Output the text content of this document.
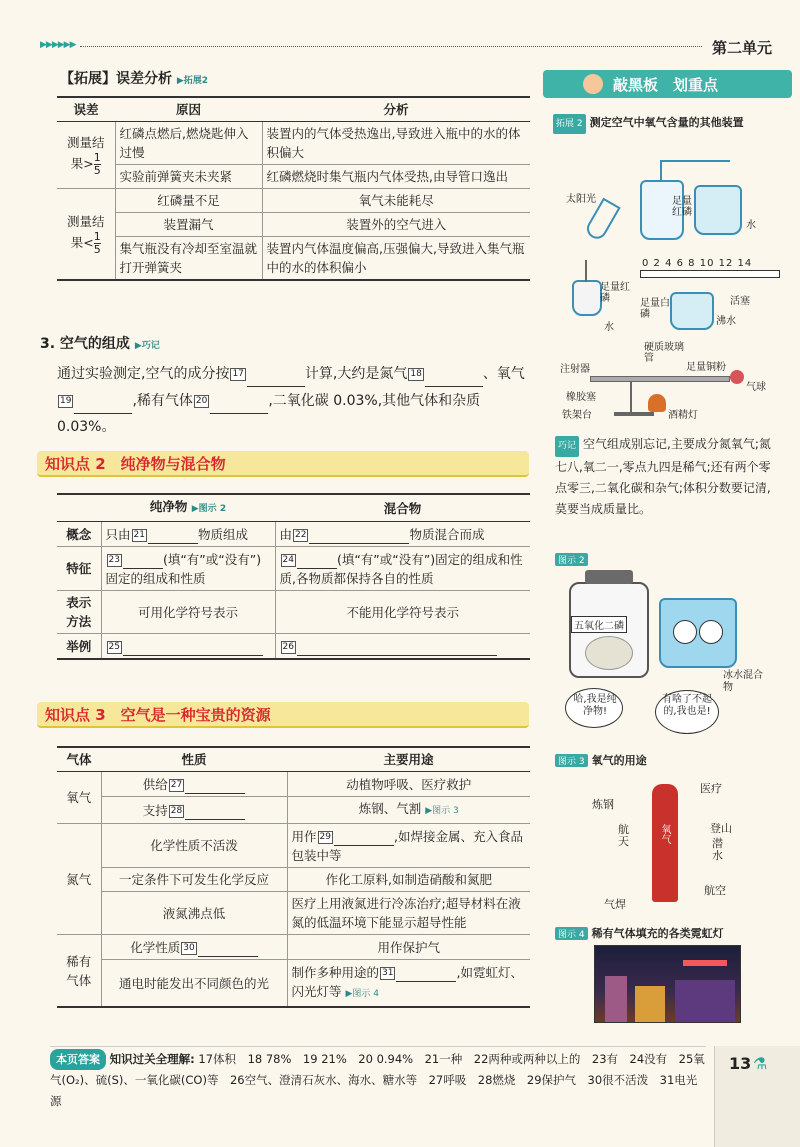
▶▶▶▶▶▶	第二单元
【拓展】误差分析 ▶拓展2
误差	原因	分析

测量结
果> $\frac{1}{5}$	红磷点燃后,燃烧匙伸入过慢	装置内的气体受热逸出,导致进入瓶中的水的体积偏大
	实验前弹簧夹未夹紧	红磷燃烧时集气瓶内气体受热,由导管口逸出

测量结
果< $\frac{1}{5}$	红磷量不足	氧气未能耗尽
	装置漏气	装置外的空气进入
	集气瓶没有冷却至室温就打开弹簧夹	装置内气体温度偏高,压强偏大,导致进入集气瓶中的水的体积偏小
3. 空气的组成 ▶巧记
通过实验测定,空气的成分按 17	计算,大约是氮气 18	、氧气19	,稀有气体 20	,二氧化碳 0.03%,其他气体和杂质 0.03%。
知识点 2　纯净物与混合物
	纯净物 ▶图示 2	混合物
概念	只由 21 物质组成	由 22 物质混合而成
特征	23 (填“有”或“没有”)固定的组成和性质	24 (填“有”或“没有”)固定的组成和性质,各物质都保持各自的性质
表示方法	可用化学符号表示	不能用化学符号表示
举例	25	26
知识点 3　空气是一种宝贵的资源
气体	性质	主要用途
氧气	供给 27	动植物呼吸、医疗救护
	支持 28	炼钢、气割 ▶图示 3
氮气	化学性质不活泼	用作 29 ,如焊接金属、充入食品包装中等
	一定条件下可发生化学反应	作化工原料,如制造硝酸和氮肥
	液氮沸点低	医疗上用液氮进行冷冻治疗;超导材料在液氮的低温环境下能显示超导性能
稀有气体	化学性质 30	用作保护气
	通电时能发出不同颜色的光	制作多种用途的 31 ,如霓虹灯、闪光灯等 ▶图示 4
本页答案 知识过关全理解: 17体积　 18 78%　 19 21%　 20 0.94%　 21一种　 22两种或两种以上的　 23有　 24没有　 25氧气(O₂)、硫(S)、一氧化碳(CO)等　 26空气、澄清石灰水、海水、糖水等　 27呼吸　 28燃烧　 29保护气　 30很不活泼　 31电光源
13 ⚗
敲黑板　划重点
拓展 2 测定空气中氧气含量的其他装置
太阳光	足量红磷
水
足量红磷
水
0 2 4 6 8 10 12 14
活塞
足量白磷
沸水
注射器
硬质玻璃管
足量铜粉
气球
橡胶塞
铁架台	酒精灯
巧记 空气组成别忘记,主要成分氮氧气;氮七八,氧二一,零点九四是稀气;还有两个零点零三,二氧化碳和杂气;体积分数要记清,莫要当成质量比。
图示 2
五氧化二磷
冰水混合物
哈,我是纯净物!
有啥了不起的,我也是!
图示 3 氧气的用途
氧气
炼钢
医疗
航天
登山
潜水
气焊
航空
图示 4 稀有气体填充的各类霓虹灯
